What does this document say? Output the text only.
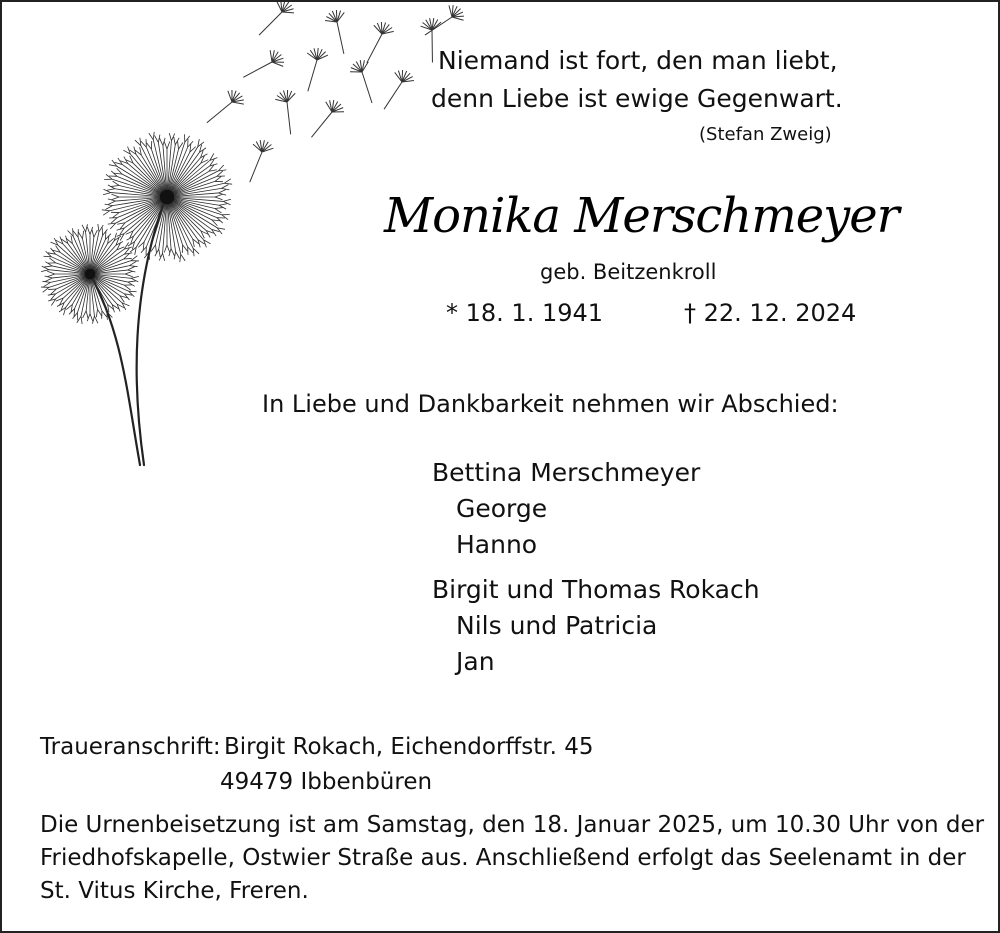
Niemand ist fort, den man liebt,
denn Liebe ist ewige Gegenwart.
(Stefan Zweig)
Monika Merschmeyer
geb. Beitzenkroll
* 18. 1. 1941	† 22. 12. 2024
In Liebe und Dankbarkeit nehmen wir Abschied:
Bettina Merschmeyer
George
Hanno
Birgit und Thomas Rokach
Nils und Patricia
Jan
Traueranschrift: Birgit Rokach, Eichendorffstr. 45
49479 Ibbenbüren
Die Urnenbeisetzung ist am Samstag, den 18. Januar 2025, um 10.30 Uhr von der
Friedhofskapelle, Ostwier Straße aus. Anschließend erfolgt das Seelenamt in der
St. Vitus Kirche, Freren.
